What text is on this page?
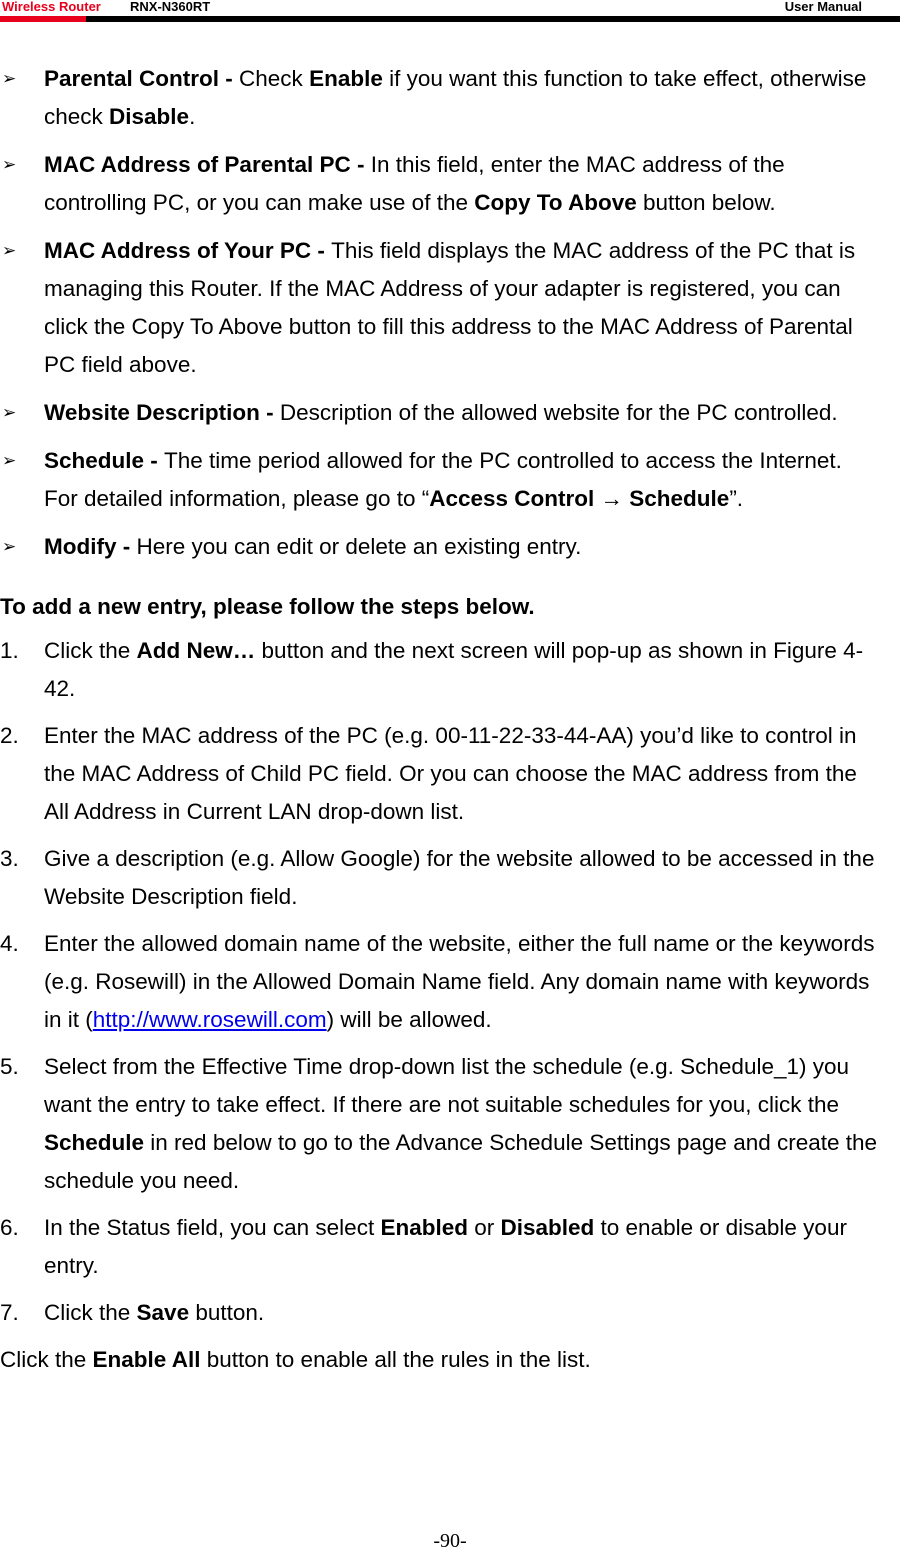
Wireless Router RNX-N360RT	User Manual
➢ Parental Control - Check Enable if you want this function to take effect, otherwise check Disable.
➢ MAC Address of Parental PC - In this field, enter the MAC address of the controlling PC, or you can make use of the Copy To Above button below.
➢ MAC Address of Your PC - This field displays the MAC address of the PC that is managing this Router. If the MAC Address of your adapter is registered, you can click the Copy To Above button to fill this address to the MAC Address of Parental PC field above.
➢ Website Description - Description of the allowed website for the PC controlled.
➢ Schedule - The time period allowed for the PC controlled to access the Internet. For detailed information, please go to “Access Control → Schedule”.
➢ Modify - Here you can edit or delete an existing entry.
To add a new entry, please follow the steps below.
1. Click the Add New… button and the next screen will pop-up as shown in Figure 4-42.
2. Enter the MAC address of the PC (e.g. 00-11-22-33-44-AA) you’d like to control in the MAC Address of Child PC field. Or you can choose the MAC address from the All Address in Current LAN drop-down list.
3. Give a description (e.g. Allow Google) for the website allowed to be accessed in the Website Description field.
4. Enter the allowed domain name of the website, either the full name or the keywords (e.g. Rosewill) in the Allowed Domain Name field. Any domain name with keywords in it (http://www.rosewill.com) will be allowed.
5. Select from the Effective Time drop-down list the schedule (e.g. Schedule_1) you want the entry to take effect. If there are not suitable schedules for you, click the Schedule in red below to go to the Advance Schedule Settings page and create the schedule you need.
6. In the Status field, you can select Enabled or Disabled to enable or disable your entry.
7. Click the Save button.
Click the Enable All button to enable all the rules in the list.
-90-
